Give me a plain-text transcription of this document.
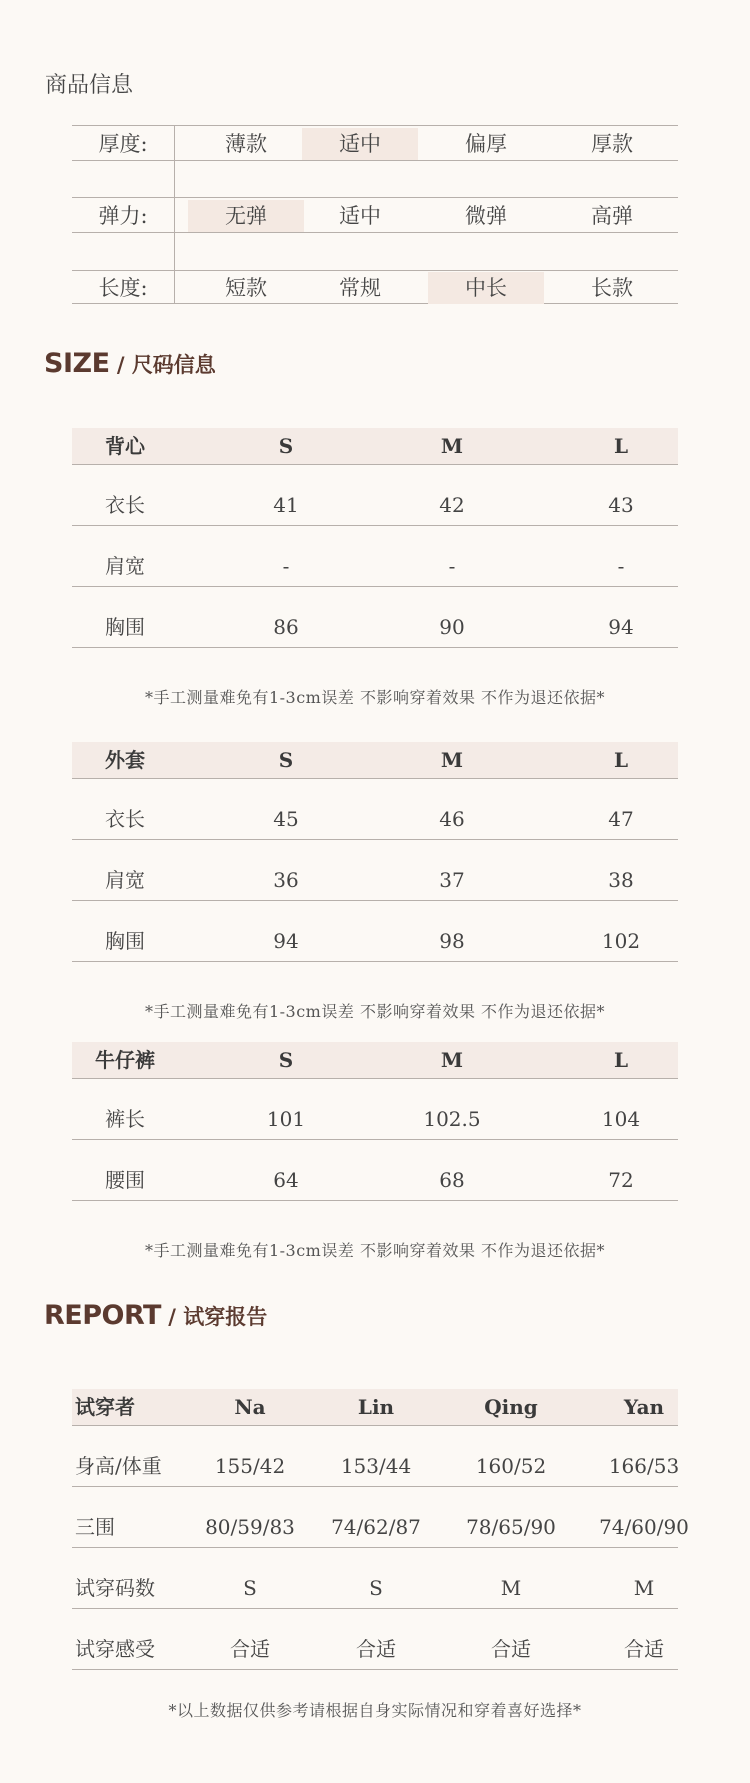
商品信息
厚度:	薄款	适中	偏厚	厚款
弹力:	无弹	适中	微弹	高弹
长度:	短款	常规	中长	长款
SIZE / 尺码信息
背心	S	M	L
衣长	41	42	43
肩宽	-	-	-
胸围	86	90	94
*手工测量难免有1-3cm误差 不影响穿着效果 不作为退还依据*
外套	S	M	L
衣长	45	46	47
肩宽	36	37	38
胸围	94	98	102
*手工测量难免有1-3cm误差 不影响穿着效果 不作为退还依据*
牛仔裤	S	M	L
裤长	101	102.5	104
腰围	64	68	72
*手工测量难免有1-3cm误差 不影响穿着效果 不作为退还依据*
REPORT / 试穿报告
试穿者	Na	Lin	Qing	Yan
身高/体重	155/42	153/44	160/52	166/53
三围	80/59/83	74/62/87	78/65/90	74/60/90
试穿码数	S	S	M	M
试穿感受	合适	合适	合适	合适
*以上数据仅供参考请根据自身实际情况和穿着喜好选择*
